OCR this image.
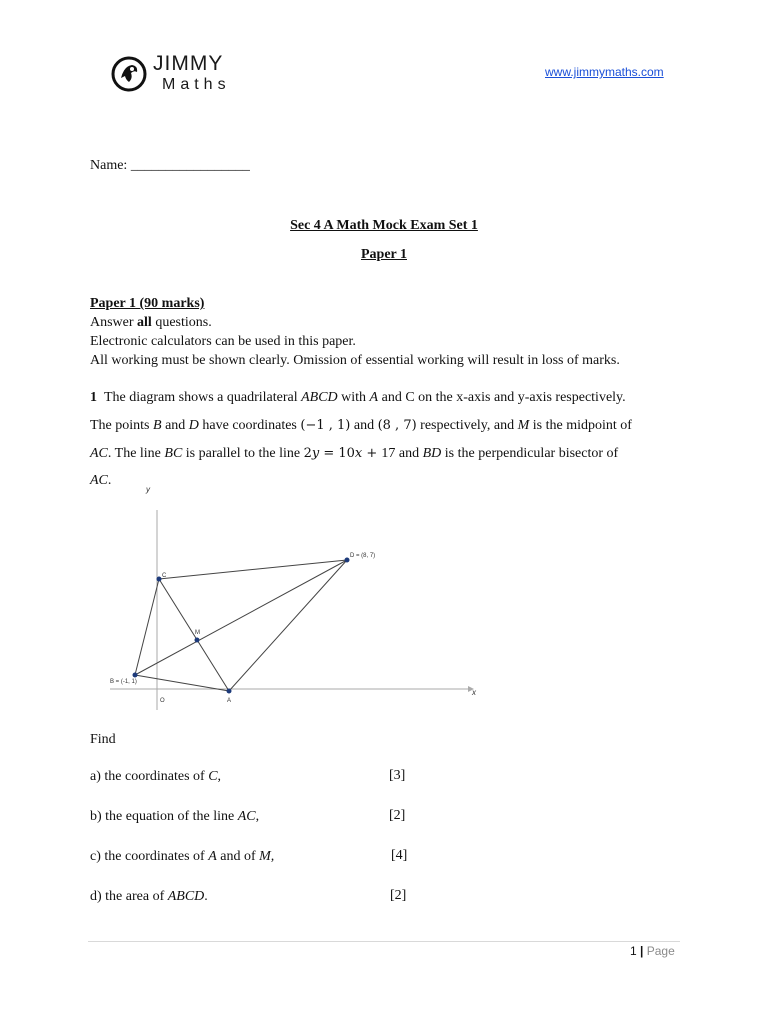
JIMMY
Maths
www.jimmymaths.com
Name: _________________
Sec 4 A Math Mock Exam Set 1
Paper 1
Paper 1 (90 marks)
Answer all questions.
Electronic calculators can be used in this paper.
All working must be shown clearly. Omission of essential working will result in loss of marks.
1 The diagram shows a quadrilateral ABCD with A and C on the x-axis and y-axis respectively.
The points B and D have coordinates (−1 , 1) and (8 , 7) respectively, and M is the midpoint of
AC. The line BC is parallel to the line 2𝑦 = 10𝑥 + 17 and BD is the perpendicular bisector of
AC.
y
x
C
D = (8, 7)
M
B = (-1, 1)
O	A
Find
a) the coordinates of C,	[3]
b) the equation of the line AC,	[2]
c) the coordinates of A and of M,	[4]
d) the area of ABCD.	[2]
1 | Page
